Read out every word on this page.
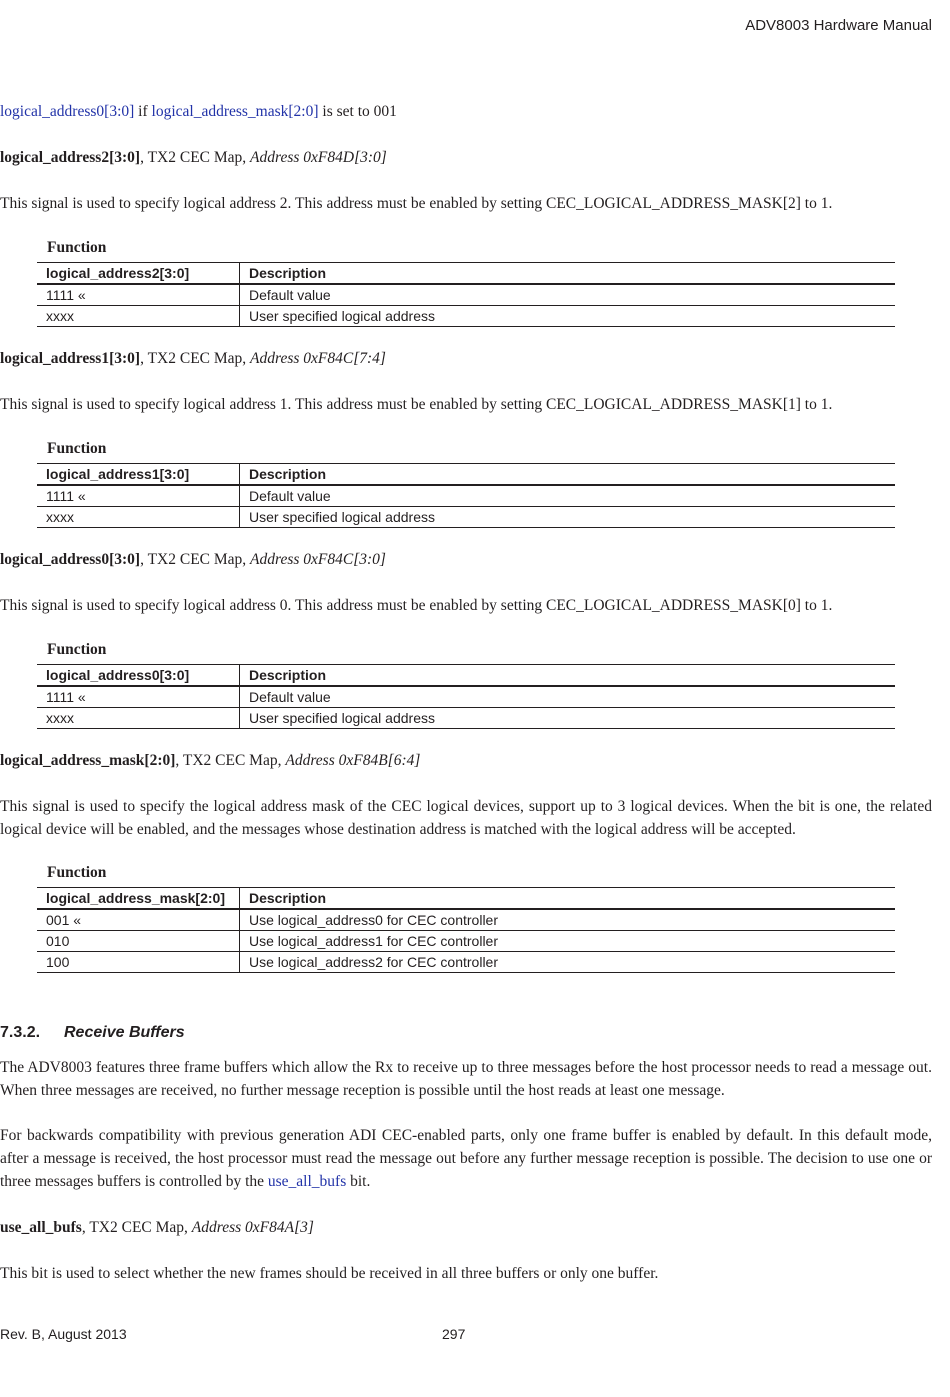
ADV8003 Hardware Manual

logical_address0[3:0] if logical_address_mask[2:0] is set to 001

logical_address2[3:0], TX2 CEC Map, Address 0xF84D[3:0]

This signal is used to specify logical address 2. This address must be enabled by setting CEC_LOGICAL_ADDRESS_MASK[2] to 1.

Function
logical_address2[3:0]	Description
1111 «	Default value
xxxx	User specified logical address

logical_address1[3:0], TX2 CEC Map, Address 0xF84C[7:4]

This signal is used to specify logical address 1. This address must be enabled by setting CEC_LOGICAL_ADDRESS_MASK[1] to 1.

Function
logical_address1[3:0]	Description
1111 «	Default value
xxxx	User specified logical address

logical_address0[3:0], TX2 CEC Map, Address 0xF84C[3:0]

This signal is used to specify logical address 0. This address must be enabled by setting CEC_LOGICAL_ADDRESS_MASK[0] to 1.

Function
logical_address0[3:0]	Description
1111 «	Default value
xxxx	User specified logical address

logical_address_mask[2:0], TX2 CEC Map, Address 0xF84B[6:4]

This signal is used to specify the logical address mask of the CEC logical devices, support up to 3 logical devices. When the bit is one, the related logical device will be enabled, and the messages whose destination address is matched with the logical address will be accepted.

Function
logical_address_mask[2:0]	Description
001 «	Use logical_address0 for CEC controller
010	Use logical_address1 for CEC controller
100	Use logical_address2 for CEC controller
7.3.2. Receive Buffers

The ADV8003 features three frame buffers which allow the Rx to receive up to three messages before the host processor needs to read a message out. When three messages are received, no further message reception is possible until the host reads at least one message.

For backwards compatibility with previous generation ADI CEC-enabled parts, only one frame buffer is enabled by default. In this default mode, after a message is received, the host processor must read the message out before any further message reception is possible. The decision to use one or three messages buffers is controlled by the use_all_bufs bit.

use_all_bufs, TX2 CEC Map, Address 0xF84A[3]

This bit is used to select whether the new frames should be received in all three buffers or only one buffer.

Rev. B, August 2013	297
